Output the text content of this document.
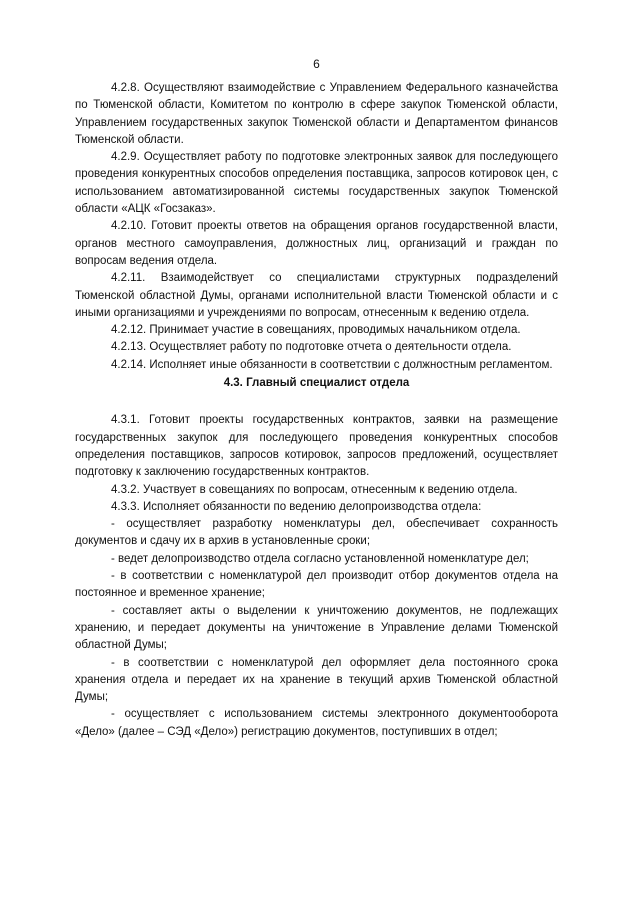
6

4.2.8. Осуществляют взаимодействие с Управлением Федерального казначейства по Тюменской области, Комитетом по контролю в сфере закупок Тюменской области, Управлением государственных закупок Тюменской области и Департаментом финансов Тюменской области.

4.2.9. Осуществляет работу по подготовке электронных заявок для последующего проведения конкурентных способов определения поставщика, запросов котировок цен, с использованием автоматизированной системы государственных закупок Тюменской области «АЦК «Госзаказ».

4.2.10. Готовит проекты ответов на обращения органов государственной власти, органов местного самоуправления, должностных лиц, организаций и граждан по вопросам ведения отдела.

4.2.11. Взаимодействует со специалистами структурных подразделений Тюменской областной Думы, органами исполнительной власти Тюменской области и с иными организациями и учреждениями по вопросам, отнесенным к ведению отдела.

4.2.12. Принимает участие в совещаниях, проводимых начальником отдела.

4.2.13. Осуществляет работу по подготовке отчета о деятельности отдела.

4.2.14. Исполняет иные обязанности в соответствии с должностным регламентом.

4.3. Главный специалист отдела

4.3.1. Готовит проекты государственных контрактов, заявки на размещение государственных закупок для последующего проведения конкурентных способов определения поставщиков, запросов котировок, запросов предложений, осуществляет подготовку к заключению государственных контрактов.

4.3.2. Участвует в совещаниях по вопросам, отнесенным к ведению отдела.

4.3.3. Исполняет обязанности по ведению делопроизводства отдела:

- осуществляет разработку номенклатуры дел, обеспечивает сохранность документов и сдачу их в архив в установленные сроки;

- ведет делопроизводство отдела согласно установленной номенклатуре дел;

- в соответствии с номенклатурой дел производит отбор документов отдела на постоянное и временное хранение;

- составляет акты о выделении к уничтожению документов, не подлежащих хранению, и передает документы на уничтожение в Управление делами Тюменской областной Думы;

- в соответствии с номенклатурой дел оформляет дела постоянного срока хранения отдела и передает их на хранение в текущий архив Тюменской областной Думы;

- осуществляет с использованием системы электронного документооборота «Дело» (далее – СЭД «Дело») регистрацию документов, поступивших в отдел;
